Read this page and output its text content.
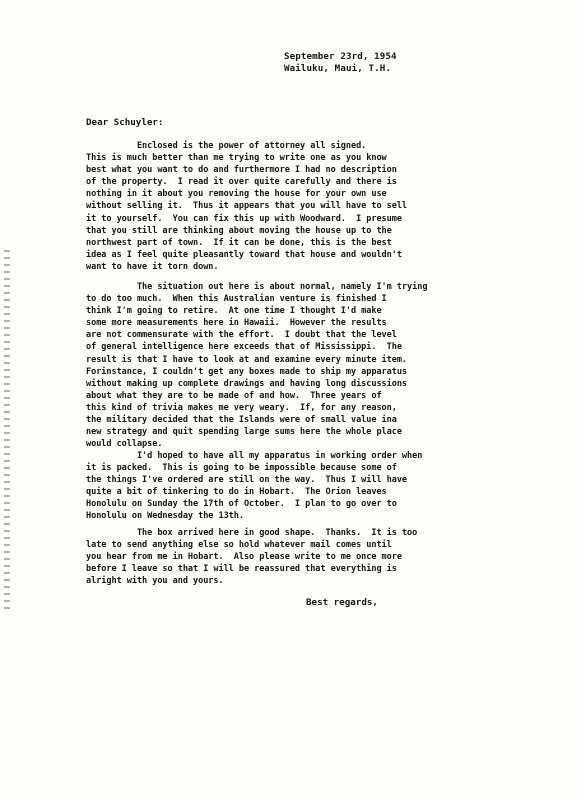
September 23rd, 1954
Wailuku, Maui, T.H.
Dear Schuyler:
Enclosed is the power of attorney all signed.
This is much better than me trying to write one as you know
best what you want to do and furthermore I had no description
of the property.  I read it over quite carefully and there is
nothing in it about you removing the house for your own use
without selling it.  Thus it appears that you will have to sell
it to yourself.  You can fix this up with Woodward.  I presume
that you still are thinking about moving the house up to the
northwest part of town.  If it can be done, this is the best
idea as I feel quite pleasantly toward that house and wouldn't
want to have it torn down.
The situation out here is about normal, namely I'm trying
to do too much.  When this Australian venture is finished I
think I'm going to retire.  At one time I thought I'd make
some more measurements here in Hawaii.  However the results
are not commensurate with the effort.  I doubt that the level
of general intelligence here exceeds that of Mississippi.  The
result is that I have to look at and examine every minute item.
Forinstance, I couldn't get any boxes made to ship my apparatus
without making up complete drawings and having long discussions
about what they are to be made of and how.  Three years of
this kind of trivia makes me very weary.  If, for any reason,
the military decided that the Islands were of small value ina
new strategy and quit spending large sums here the whole place
would collapse.
I'd hoped to have all my apparatus in working order when
it is packed.  This is going to be impossible because some of
the things I've ordered are still on the way.  Thus I will have
quite a bit of tinkering to do in Hobart.  The Orion leaves
Honolulu on Sunday the 17th of October.  I plan to go over to
Honolulu on Wednesday the 13th.
The box arrived here in good shape.  Thanks.  It is too
late to send anything else so hold whatever mail comes until
you hear from me in Hobart.  Also please write to me once more
before I leave so that I will be reassured that everything is
alright with you and yours.
Best regards,
